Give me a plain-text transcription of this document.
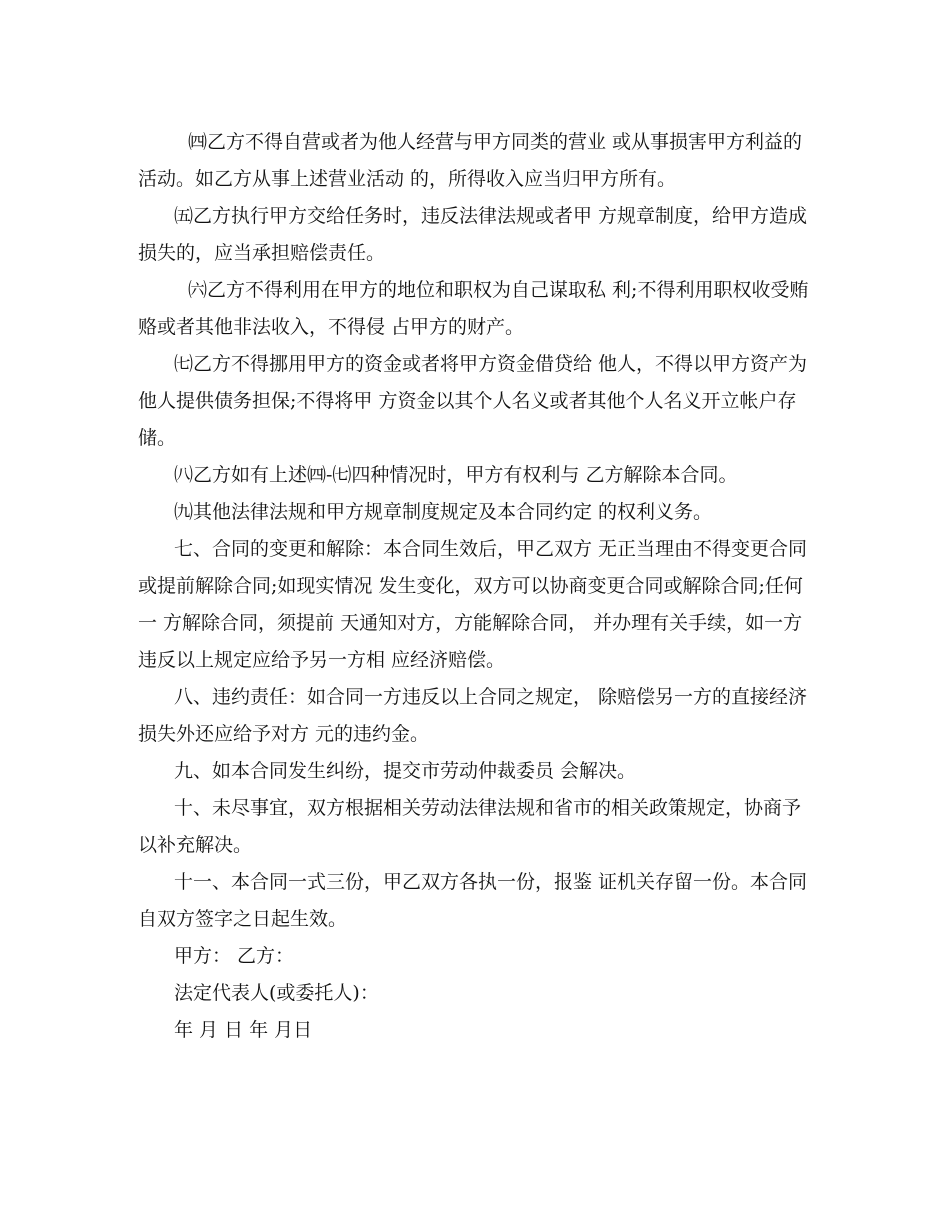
㈣乙方不得自营或者为他人经营与甲方同类的营业 或从事损害甲方利益的活动。如乙方从事上述营业活动 的，所得收入应当归甲方所有。

㈤乙方执行甲方交给任务时，违反法律法规或者甲 方规章制度，给甲方造成损失的，应当承担赔偿责任。

㈥乙方不得利用在甲方的地位和职权为自己谋取私 利;不得利用职权收受贿赂或者其他非法收入，不得侵 占甲方的财产。

㈦乙方不得挪用甲方的资金或者将甲方资金借贷给 他人，不得以甲方资产为他人提供债务担保;不得将甲 方资金以其个人名义或者其他个人名义开立帐户存储。

㈧乙方如有上述㈣-㈦四种情况时，甲方有权利与 乙方解除本合同。

㈨其他法律法规和甲方规章制度规定及本合同约定 的权利义务。

七、合同的变更和解除：本合同生效后，甲乙双方 无正当理由不得变更合同或提前解除合同;如现实情况 发生变化，双方可以协商变更合同或解除合同;任何一 方解除合同，须提前 天通知对方，方能解除合同， 并办理有关手续，如一方违反以上规定应给予另一方相 应经济赔偿。

八、违约责任：如合同一方违反以上合同之规定， 除赔偿另一方的直接经济损失外还应给予对方 元的违约金。

九、如本合同发生纠纷，提交市劳动仲裁委员 会解决。

十、未尽事宜，双方根据相关劳动法律法规和省市的相关政策规定，协商予以补充解决。

十一、本合同一式三份，甲乙双方各执一份，报鉴 证机关存留一份。本合同自双方签字之日起生效。

甲方： 乙方：

法定代表人(或委托人)：

年 月 日 年 月日
